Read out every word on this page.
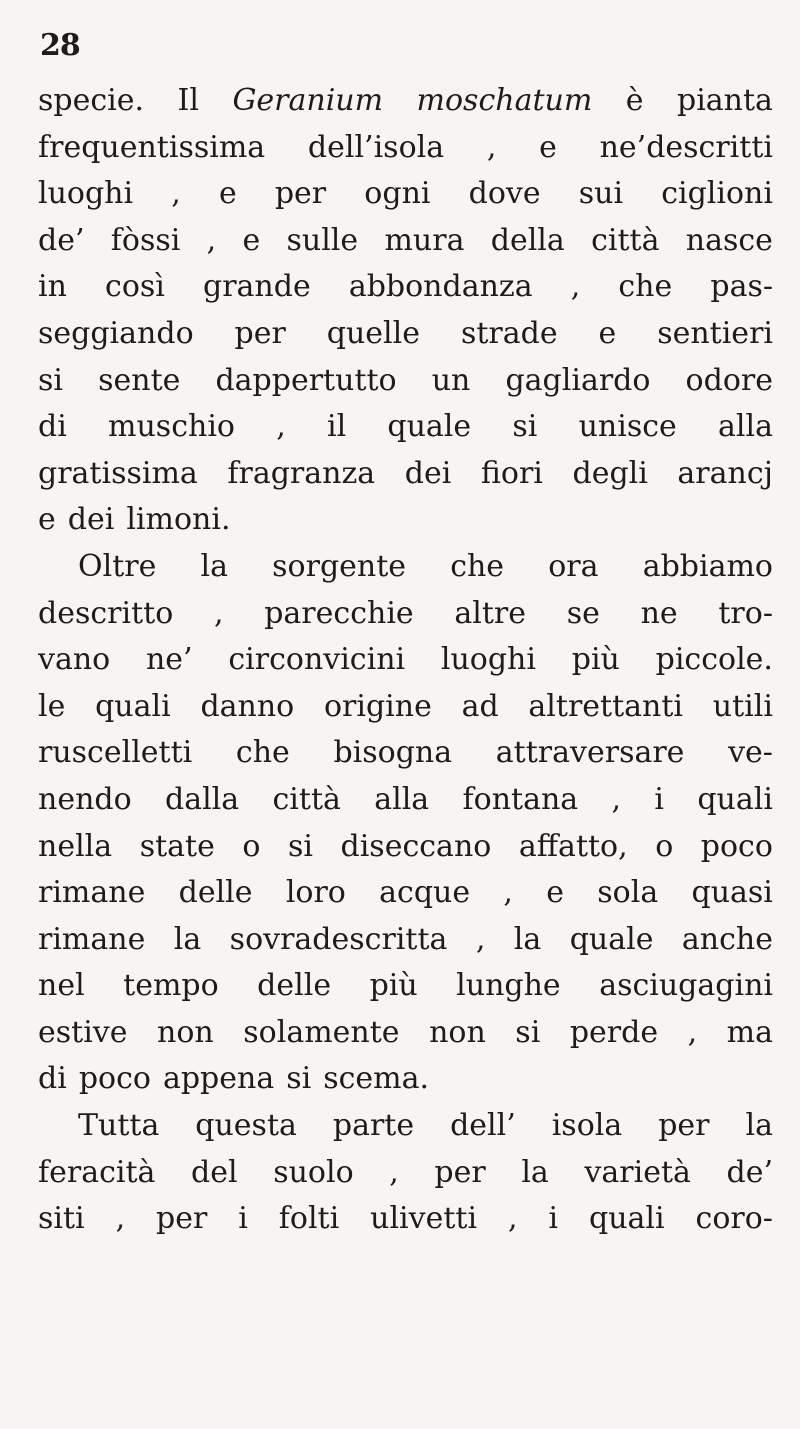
28
specie. Il Geranium moschatum è pianta
frequentissima dell’isola , e ne’descritti
luoghi , e per ogni dove sui ciglioni
de’ fòssi , e sulle mura della città nasce
in così grande abbondanza , che pas-
seggiando per quelle strade e sentieri
si sente dappertutto un gagliardo odore
di muschio , il quale si unisce alla
gratissima fragranza dei fiori degli arancj
e dei limoni.
Oltre la sorgente che ora abbiamo
descritto , parecchie altre se ne tro-
vano ne’ circonvicini luoghi più piccole.
le quali danno origine ad altrettanti utili
ruscelletti che bisogna attraversare ve-
nendo dalla città alla fontana , i quali
nella state o si diseccano affatto, o poco
rimane delle loro acque , e sola quasi
rimane la sovradescritta , la quale anche
nel tempo delle più lunghe asciugagini
estive non solamente non si perde , ma
di poco appena si scema.
Tutta questa parte dell’ isola per la
feracità del suolo , per la varietà de’
siti , per i folti ulivetti , i quali coro-
